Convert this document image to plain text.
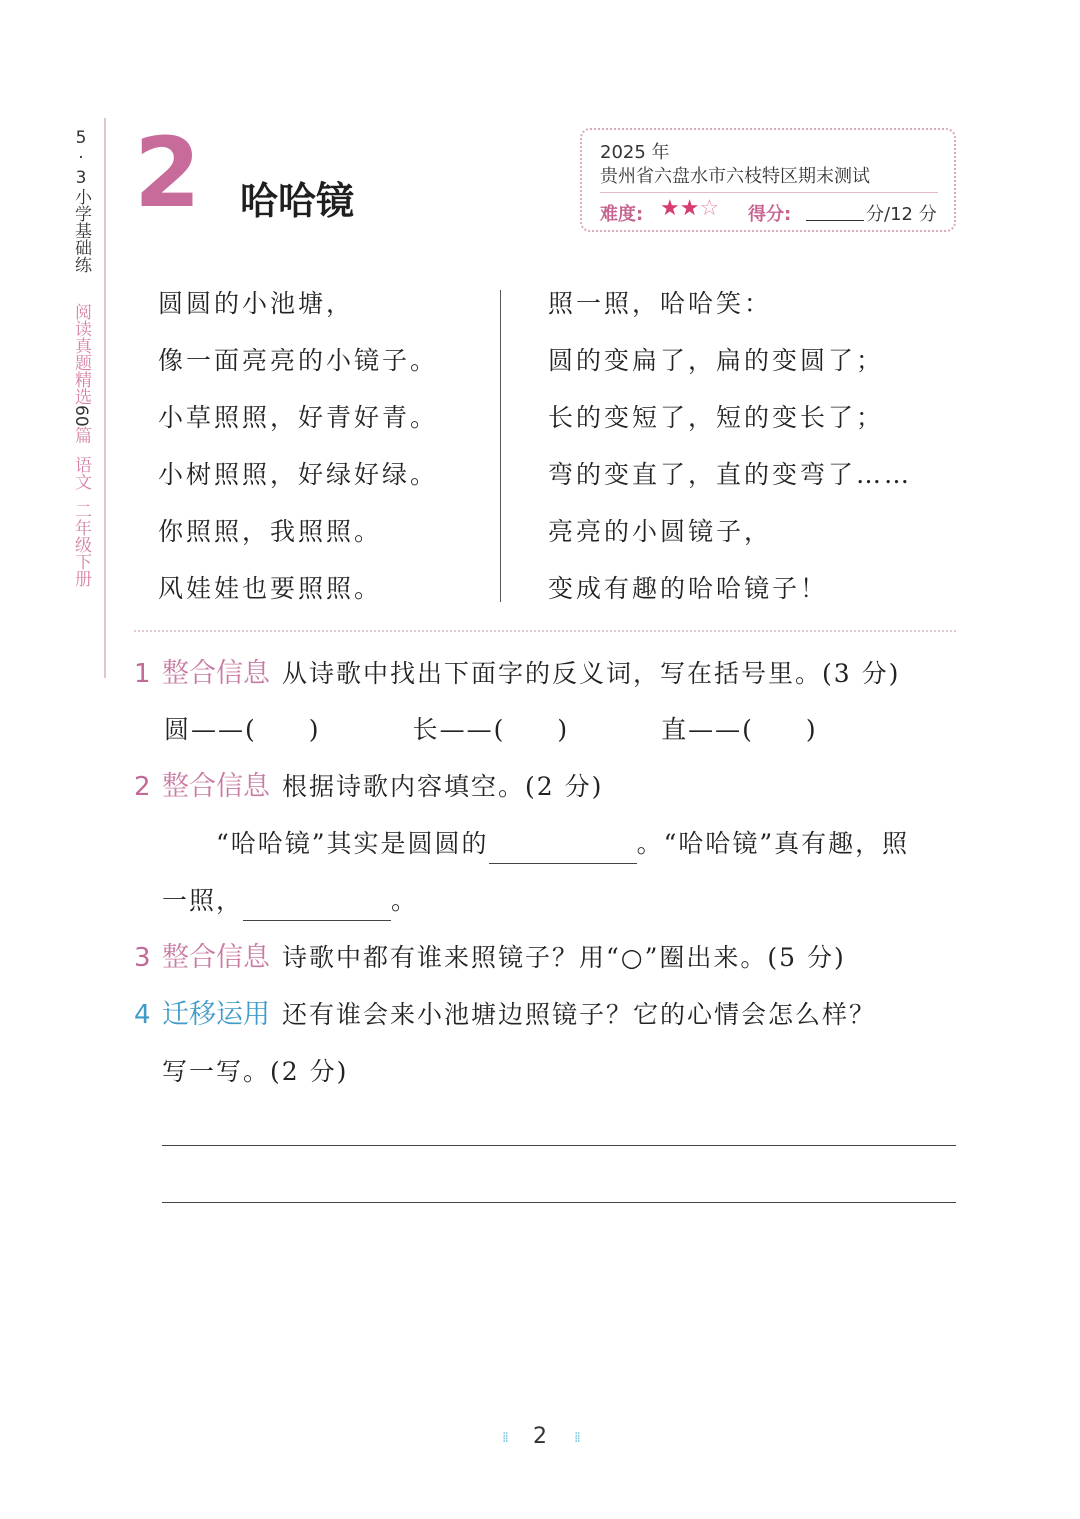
5·3小学基础练
阅读真题精选60篇
语文
二年级下册
2 哈哈镜
2025 年
贵州省六盘水市六枝特区期末测试
难度: ★★☆ 得分:	分/12 分
圆圆的小池塘，
像一面亮亮的小镜子。
小草照照，好青好青。
小树照照，好绿好绿。
你照照，我照照。
风娃娃也要照照。
照一照，哈哈笑：
圆的变扁了，扁的变圆了；
长的变短了，短的变长了；
弯的变直了，直的变弯了……
亮亮的小圆镜子，
变成有趣的哈哈镜子！
1 整合信息 从诗歌中找出下面字的反义词，写在括号里。(3 分)
圆——( )	长——( )	直——( )
2 整合信息 根据诗歌内容填空。(2 分)
“哈哈镜”其实是圆圆的	。“哈哈镜”真有趣，照
一照，	。
3 整合信息 诗歌中都有谁来照镜子？用“○”圈出来。(5 分)
4 迁移运用 还有谁会来小池塘边照镜子？它的心情会怎么样？
写一写。(2 分)
⁞⁞	2	⁞⁞
